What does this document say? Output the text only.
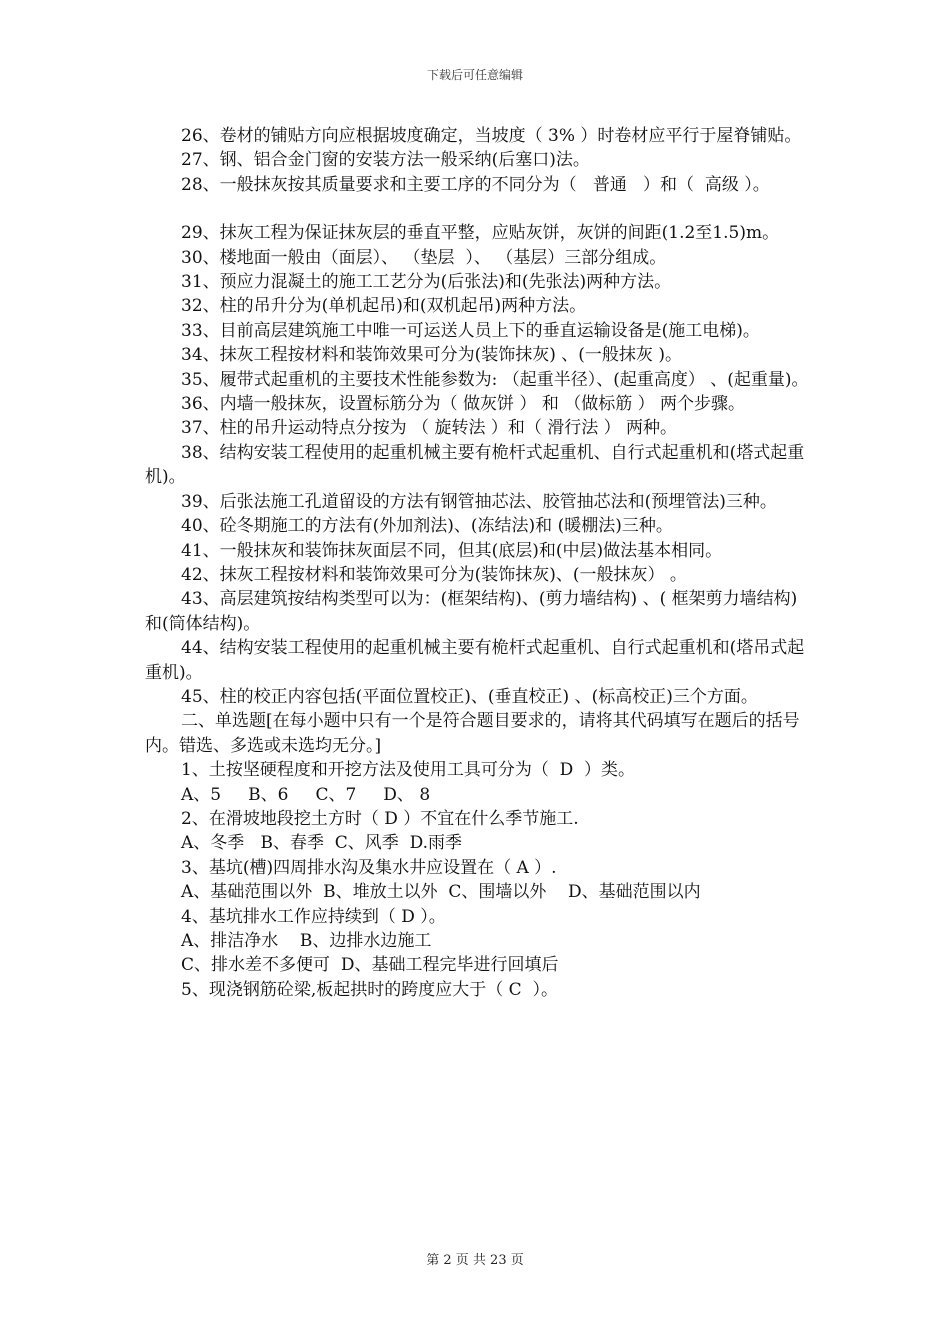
下载后可任意编辑

26、卷材的铺贴方向应根据坡度确定，当坡度（ 3% ）时卷材应平行于屋脊铺贴。

27、钢、铝合金门窗的安装方法一般采纳(后塞口)法。

28、一般抹灰按其质量要求和主要工序的不同分为（   普通   ）和（  高级 ）。

29、抹灰工程为保证抹灰层的垂直平整，应贴灰饼，灰饼的间距(1.2至1.5)m。

30、楼地面一般由（面层）、 （垫层  ）、 （基层）三部分组成。

31、预应力混凝土的施工工艺分为(后张法)和(先张法)两种方法。

32、柱的吊升分为(单机起吊)和(双机起吊)两种方法。

33、目前高层建筑施工中唯一可运送人员上下的垂直运输设备是(施工电梯)。

34、抹灰工程按材料和装饰效果可分为(装饰抹灰) 、(一般抹灰 )。

35、履带式起重机的主要技术性能参数为: （起重半径）、(起重高度） 、(起重量)。

36、内墙一般抹灰，设置标筋分为（ 做灰饼 ） 和 （做标筋 ） 两个步骤。

37、柱的吊升运动特点分按为 （ 旋转法 ）和（ 滑行法 ） 两种。

38、结构安装工程使用的起重机械主要有桅杆式起重机、自行式起重机和(塔式起重机)。

39、后张法施工孔道留设的方法有钢管抽芯法、胶管抽芯法和(预埋管法)三种。

40、砼冬期施工的方法有(外加剂法)、(冻结法)和 (暖棚法)三种。

41、一般抹灰和装饰抹灰面层不同，但其(底层)和(中层)做法基本相同。

42、抹灰工程按材料和装饰效果可分为(装饰抹灰)、(一般抹灰） 。

43、高层建筑按结构类型可以为：(框架结构)、(剪力墙结构) 、( 框架剪力墙结构)和(筒体结构)。

44、结构安装工程使用的起重机械主要有桅杆式起重机、自行式起重机和(塔吊式起重机)。

45、柱的校正内容包括(平面位置校正)、(垂直校正) 、(标高校正)三个方面。

二、单选题[在每小题中只有一个是符合题目要求的，请将其代码填写在题后的括号内。错选、多选或未选均无分。]

1、土按坚硬程度和开挖方法及使用工具可分为（  D  ）类。

A、5     B、6     C、7     D、 8

2、在滑坡地段挖土方时（ D ）不宜在什么季节施工.

A、冬季   B、春季  C、风季  D.雨季

3、基坑(槽)四周排水沟及集水井应设置在（ A ）.

A、基础范围以外  B、堆放土以外  C、围墙以外    D、基础范围以内

4、基坑排水工作应持续到（ D ）。

A、排洁净水    B、边排水边施工

C、排水差不多便可  D、基础工程完毕进行回填后

5、现浇钢筋砼梁,板起拱时的跨度应大于（ C  ）。

第 2 页 共 23 页
